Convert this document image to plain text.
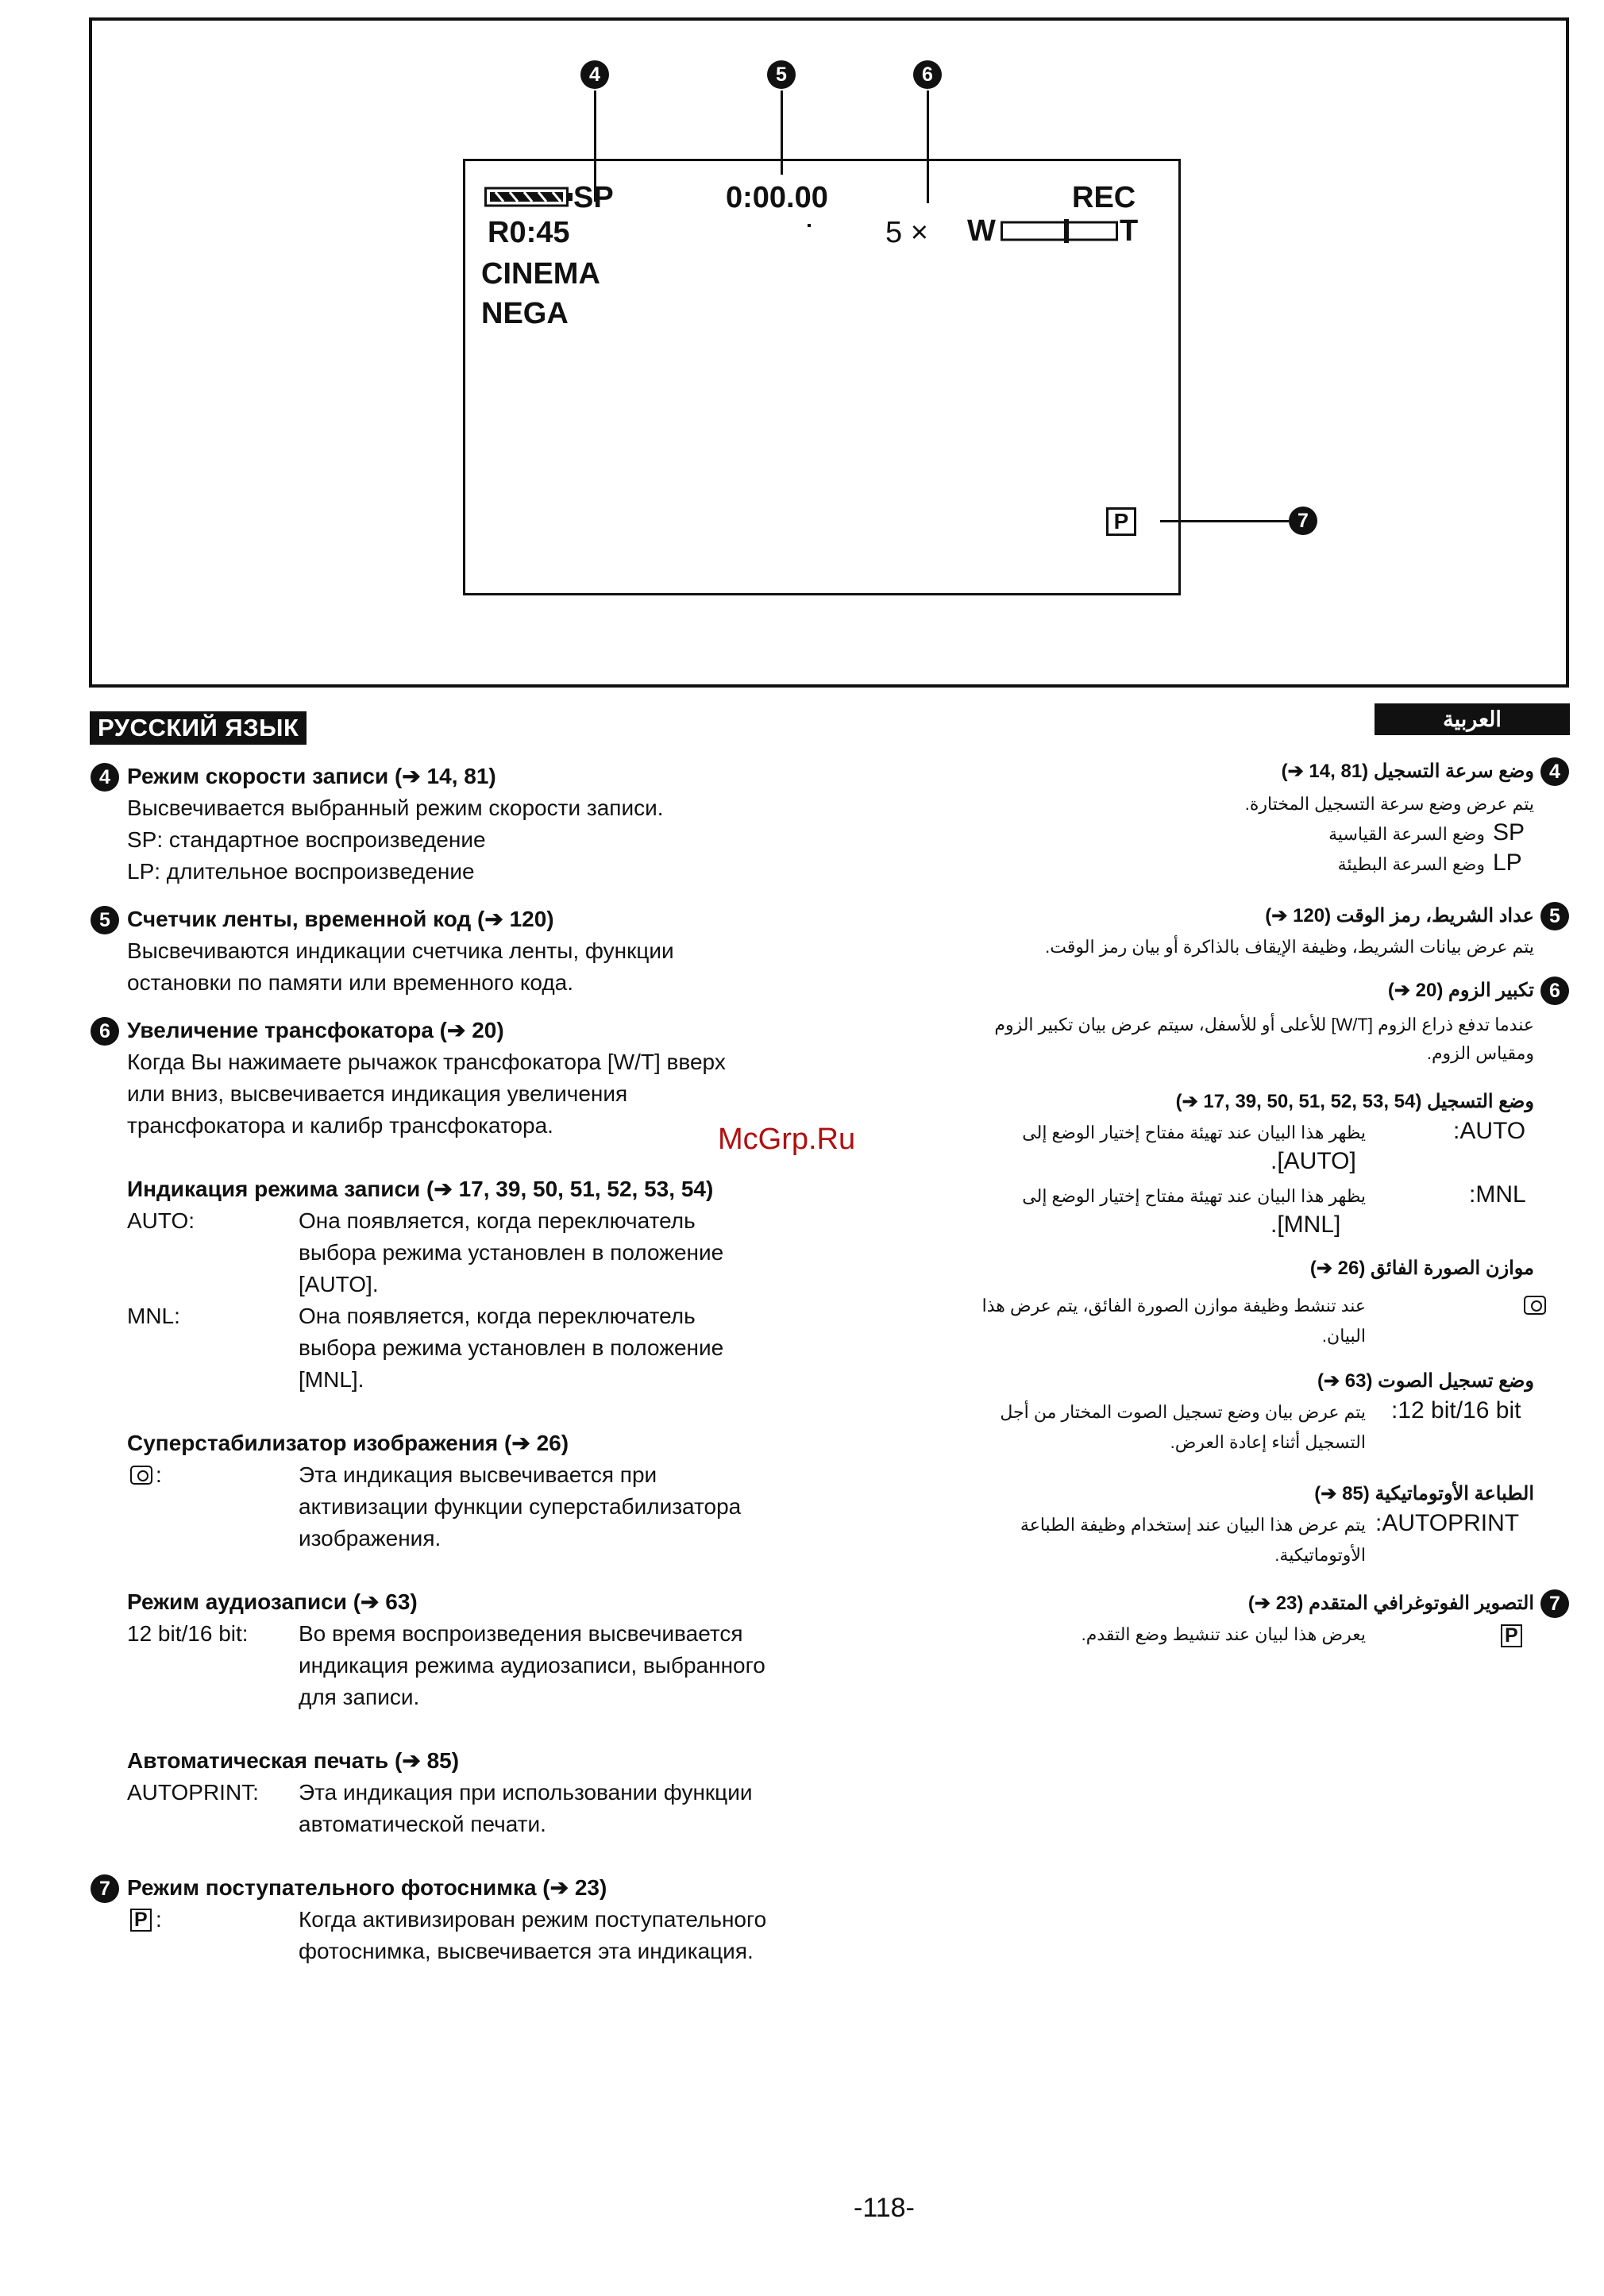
4	5	6
7
SP
R0:45
0:00.00	REC
5 × W	T
CINEMA
NEGA
P
РУССКИЙ ЯЗЫК	العربية
4 Режим скорости записи (➔ 14, 81)
Высвечивается выбранный режим скорости записи.
SP: стандартное воспроизведение
LP: длительное воспроизведение
5 Счетчик ленты, временной код (➔ 120)
Высвечиваются индикации счетчика ленты, функции
остановки по памяти или временного кода.
6 Увеличение трансфокатора (➔ 20)
Когда Вы нажимаете рычажок трансфокатора [W/T] вверх
или вниз, высвечивается индикация увеличения
трансфокатора и калибр трансфокатора.
Индикация режима записи (➔ 17, 39, 50, 51, 52, 53, 54)
AUTO:	Она появляется, когда переключатель
выбора режима установлен в положение
[AUTO].
MNL:	Она появляется, когда переключатель
выбора режима установлен в положение
[MNL].
Суперстабилизатор изображения (➔ 26)

:	Эта индикация высвечивается при
активизации функции суперстабилизатора
изображения.
Режим аудиозаписи (➔ 63)
12 bit/16 bit: Во время воспроизведения высвечивается
индикация режима аудиозаписи, выбранного
для записи.
Автоматическая печать (➔ 85)
AUTOPRINT: Эта индикация при использовании функции
автоматической печати.
7 Режим поступательного фотоснимка (➔ 23)
P :	Когда активизирован режим поступательного
фотоснимка, высвечивается эта индикация.
McGrp.Ru
4
وضع سرعة التسجيل (81 ,14 ➔)
يتم عرض وضع سرعة التسجيل المختارة.
SP
وضع السرعة القياسية
LP
وضع السرعة البطيئة
5
عداد الشريط، رمز الوقت (120 ➔)
يتم عرض بيانات الشريط، وظيفة الإيقاف بالذاكرة أو بيان رمز الوقت.
6
تكبير الزوم (20 ➔)
عندما تدفع ذراع الزوم [W/T] للأعلى أو للأسفل، سيتم عرض بيان تكبير الزوم
ومقياس الزوم.
وضع التسجيل (54 ,53 ,52 ,51 ,50 ,39 ,17 ➔)
:AUTO
يظهر هذا البيان عند تهيئة مفتاح إختيار الوضع إلى
.[AUTO]
:MNL
يظهر هذا البيان عند تهيئة مفتاح إختيار الوضع إلى
.[MNL]
موازن الصورة الفائق (26 ➔)
عند تنشط وظيفة موازن الصورة الفائق، يتم عرض هذا
البيان.
وضع تسجيل الصوت (63 ➔)
:12 bit/16 bit
يتم عرض بيان وضع تسجيل الصوت المختار من أجل
التسجيل أثناء إعادة العرض.
الطباعة الأوتوماتيكية (85 ➔)
:AUTOPRINT
يتم عرض هذا البيان عند إستخدام وظيفة الطباعة
الأوتوماتيكية.
7
التصوير الفوتوغرافي المتقدم (23 ➔)
P
يعرض هذا لبيان عند تنشيط وضع التقدم.
-118-
